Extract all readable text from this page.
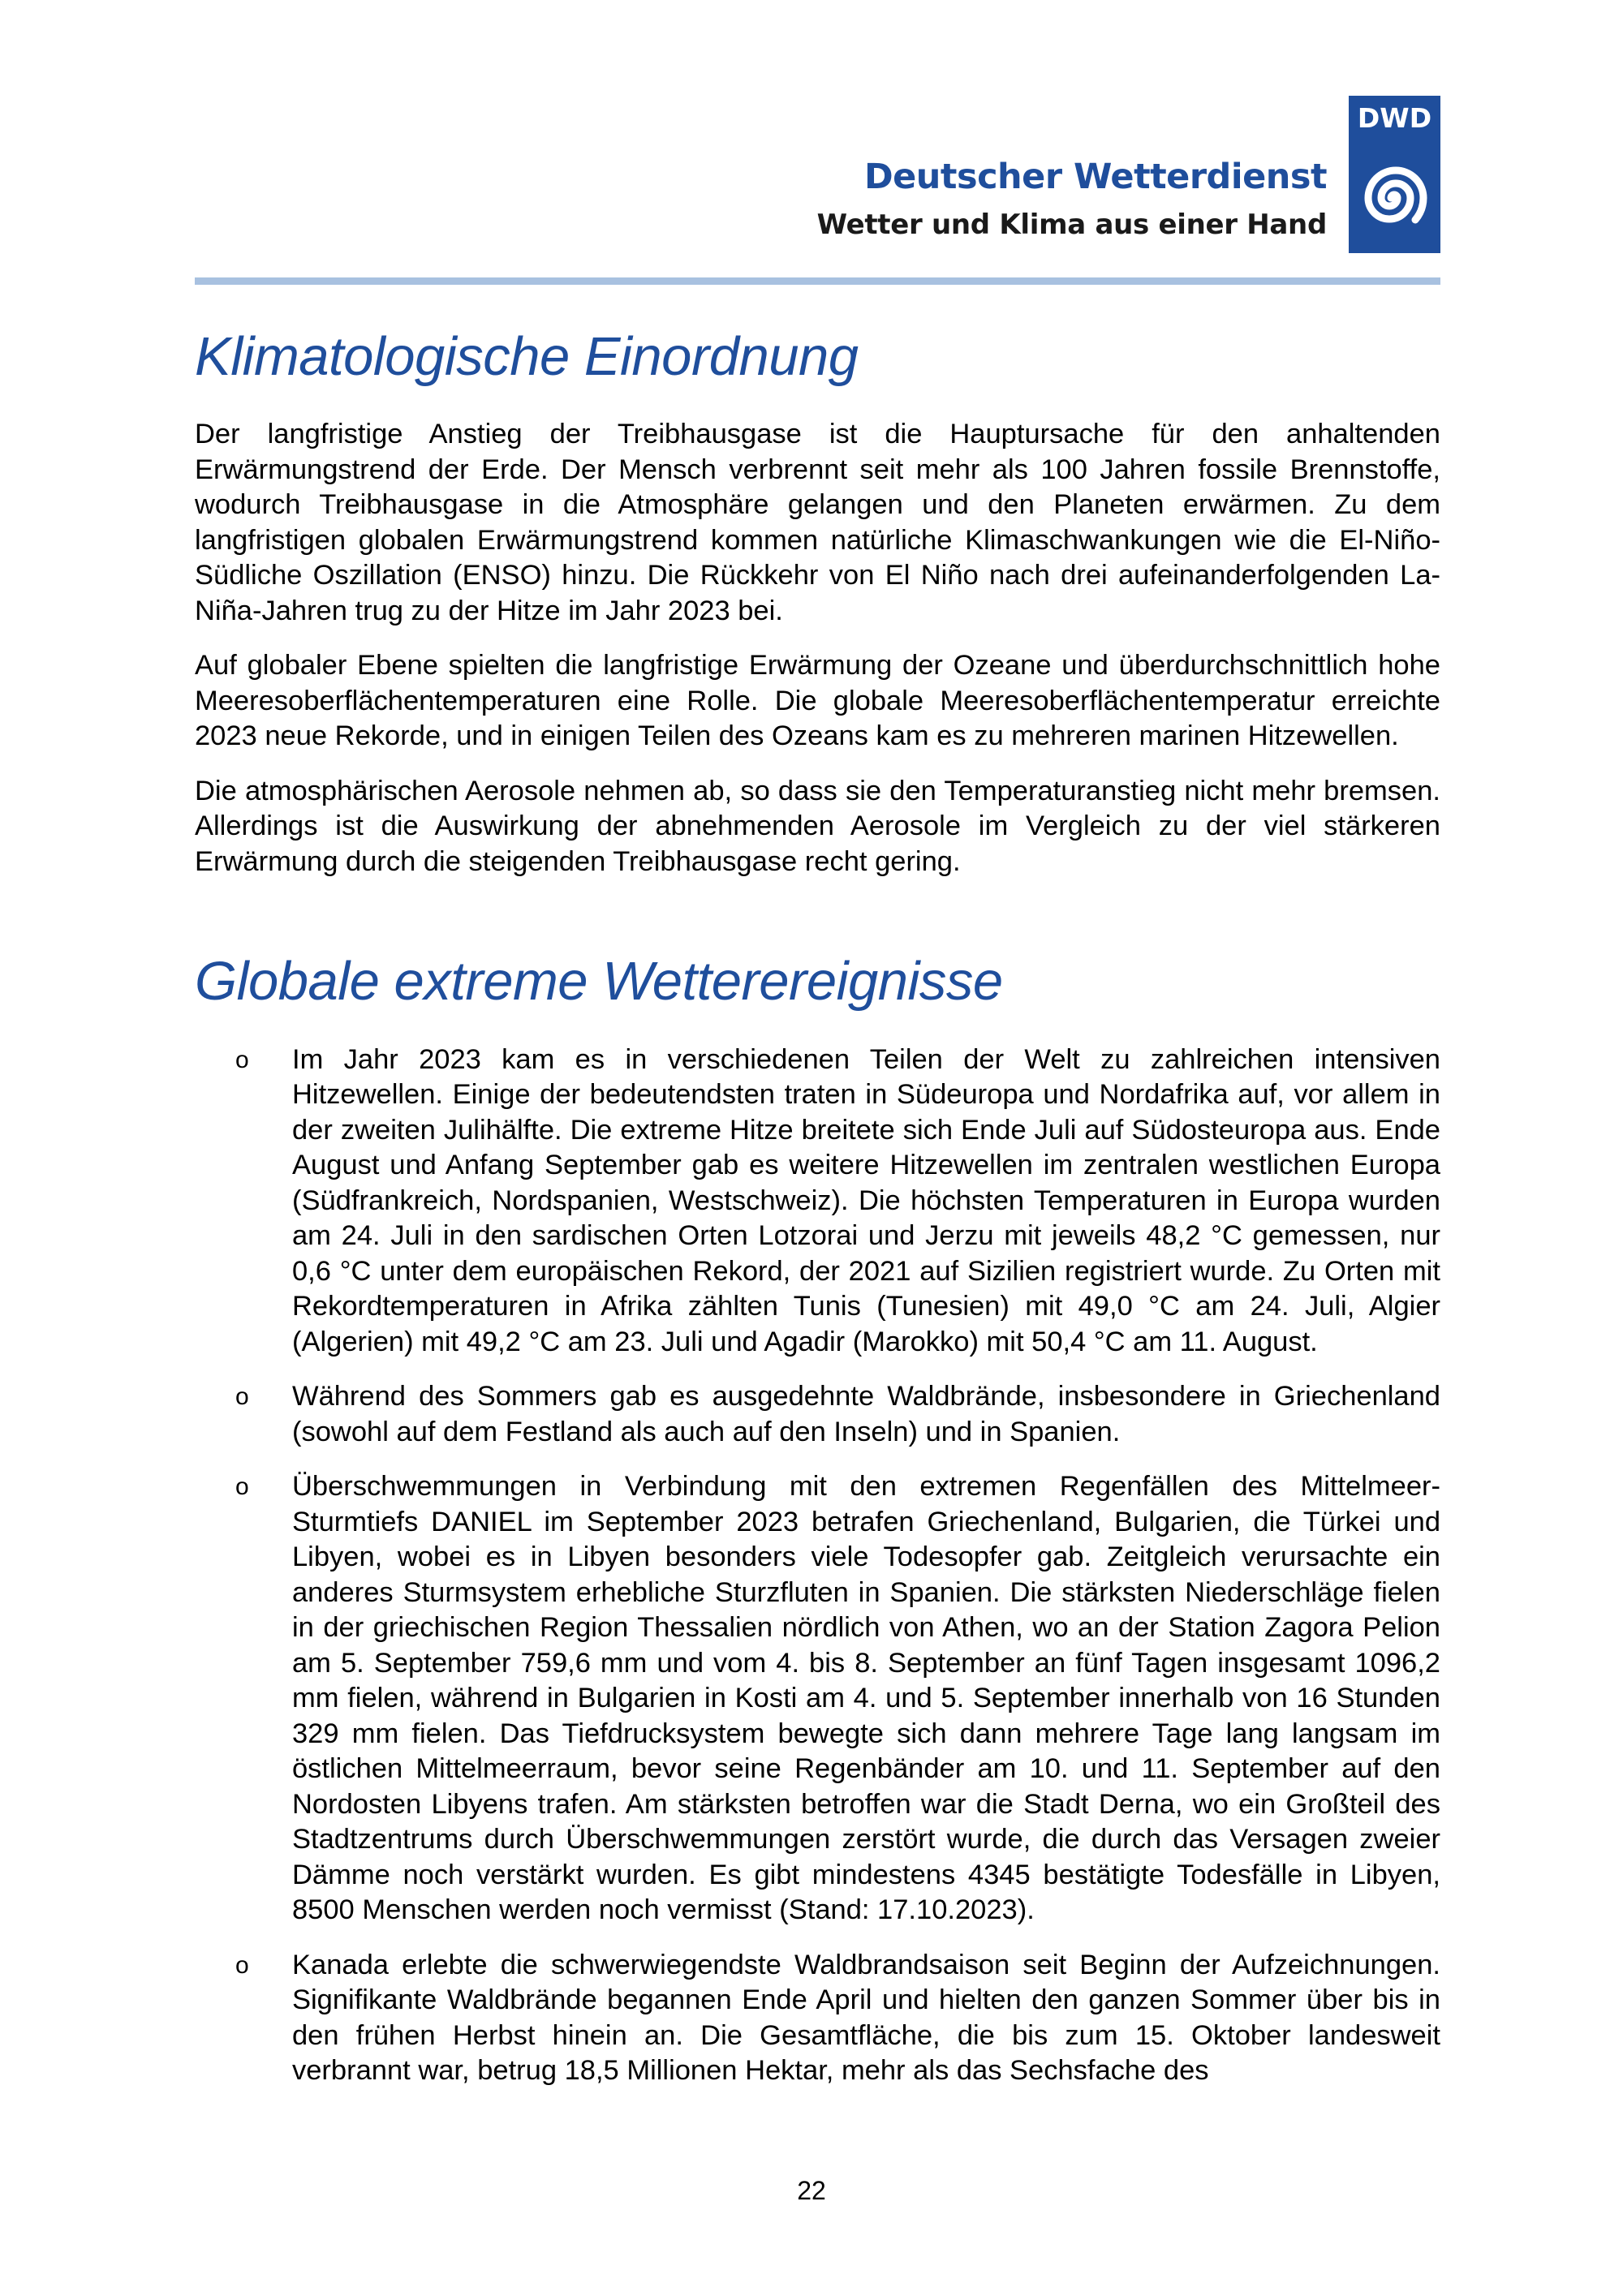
Deutscher Wetterdienst

Wetter und Klima aus einer Hand

DWD
Klimatologische Einordnung

Der langfristige Anstieg der Treibhausgase ist die Hauptursache für den anhaltenden Erwärmungstrend der Erde. Der Mensch verbrennt seit mehr als 100 Jahren fossile Brennstoffe, wodurch Treibhausgase in die Atmosphäre gelangen und den Planeten erwärmen. Zu dem langfristigen globalen Erwärmungstrend kommen natürliche Klimaschwankungen wie die El-Niño-Südliche Oszillation (ENSO) hinzu. Die Rückkehr von El Niño nach drei aufeinanderfolgenden La-Niña-Jahren trug zu der Hitze im Jahr 2023 bei.

Auf globaler Ebene spielten die langfristige Erwärmung der Ozeane und überdurchschnittlich hohe Meeresoberflächentemperaturen eine Rolle. Die globale Meeresoberflächentemperatur erreichte 2023 neue Rekorde, und in einigen Teilen des Ozeans kam es zu mehreren marinen Hitzewellen.

Die atmosphärischen Aerosole nehmen ab, so dass sie den Temperaturanstieg nicht mehr bremsen. Allerdings ist die Auswirkung der abnehmenden Aerosole im Vergleich zu der viel stärkeren Erwärmung durch die steigenden Treibhausgase recht gering.

Globale extreme Wetterereignisse
o Im Jahr 2023 kam es in verschiedenen Teilen der Welt zu zahlreichen intensiven Hitzewellen. Einige der bedeutendsten traten in Südeuropa und Nordafrika auf, vor allem in der zweiten Julihälfte. Die extreme Hitze breitete sich Ende Juli auf Südosteuropa aus. Ende August und Anfang September gab es weitere Hitzewellen im zentralen westlichen Europa (Südfrankreich, Nordspanien, Westschweiz). Die höchsten Temperaturen in Europa wurden am 24. Juli in den sardischen Orten Lotzorai und Jerzu mit jeweils 48,2 °C gemessen, nur 0,6 °C unter dem europäischen Rekord, der 2021 auf Sizilien registriert wurde. Zu Orten mit Rekordtemperaturen in Afrika zählten Tunis (Tunesien) mit 49,0 °C am 24. Juli, Algier (Algerien) mit 49,2 °C am 23. Juli und Agadir (Marokko) mit 50,4 °C am 11. August.
o Während des Sommers gab es ausgedehnte Waldbrände, insbesondere in Griechenland (sowohl auf dem Festland als auch auf den Inseln) und in Spanien.
o Überschwemmungen in Verbindung mit den extremen Regenfällen des Mittelmeer-Sturmtiefs DANIEL im September 2023 betrafen Griechenland, Bulgarien, die Türkei und Libyen, wobei es in Libyen besonders viele Todesopfer gab. Zeitgleich verursachte ein anderes Sturmsystem erhebliche Sturzfluten in Spanien. Die stärksten Niederschläge fielen in der griechischen Region Thessalien nördlich von Athen, wo an der Station Zagora Pelion am 5. September 759,6 mm und vom 4. bis 8. September an fünf Tagen insgesamt 1096,2 mm fielen, während in Bulgarien in Kosti am 4. und 5. September innerhalb von 16 Stunden 329 mm fielen. Das Tiefdrucksystem bewegte sich dann mehrere Tage lang langsam im östlichen Mittelmeerraum, bevor seine Regenbänder am 10. und 11. September auf den Nordosten Libyens trafen. Am stärksten betroffen war die Stadt Derna, wo ein Großteil des Stadtzentrums durch Überschwemmungen zerstört wurde, die durch das Versagen zweier Dämme noch verstärkt wurden. Es gibt mindestens 4345 bestätigte Todesfälle in Libyen, 8500 Menschen werden noch vermisst (Stand: 17.10.2023).
o Kanada erlebte die schwerwiegendste Waldbrandsaison seit Beginn der Aufzeichnungen. Signifikante Waldbrände begannen Ende April und hielten den ganzen Sommer über bis in den frühen Herbst hinein an. Die Gesamtfläche, die bis zum 15. Oktober landesweit verbrannt war, betrug 18,5 Millionen Hektar, mehr als das Sechsfache des
22
